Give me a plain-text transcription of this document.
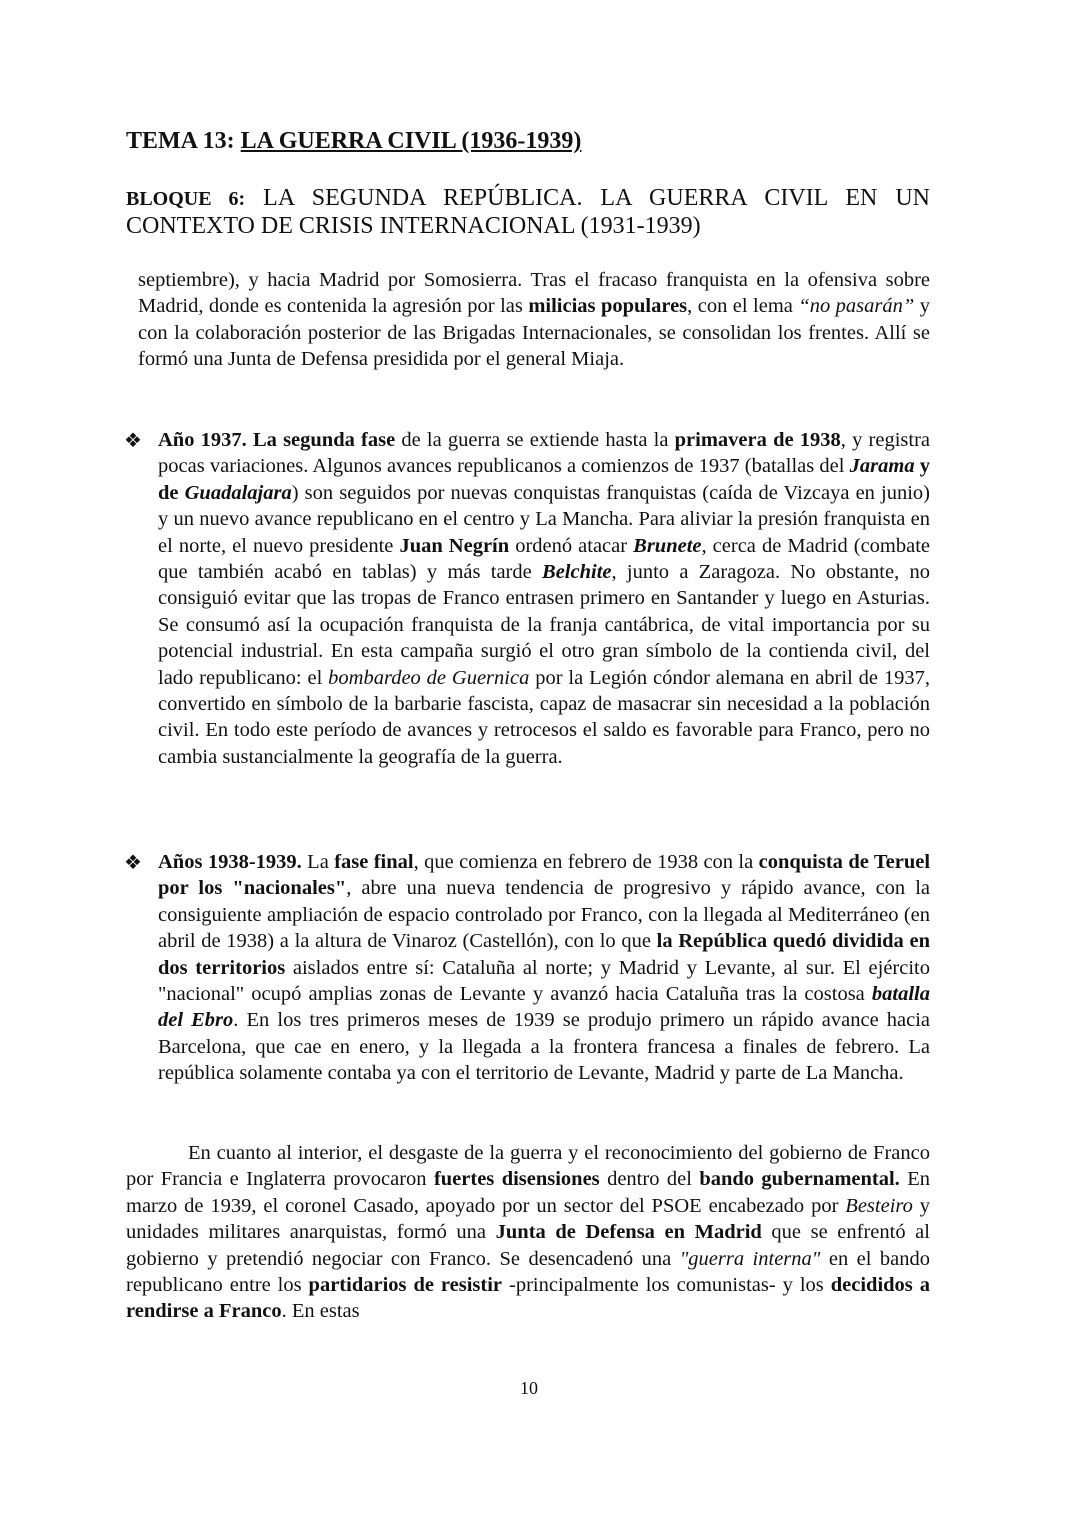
TEMA 13: LA GUERRA CIVIL (1936-1939)
BLOQUE 6: LA SEGUNDA REPÚBLICA. LA GUERRA CIVIL EN UN
CONTEXTO DE CRISIS INTERNACIONAL (1931-1939)
septiembre), y hacia Madrid por Somosierra. Tras el fracaso franquista en la ofensiva sobre Madrid, donde es contenida la agresión por las milicias populares, con el lema “no pasarán” y con la colaboración posterior de las Brigadas Internacionales, se consolidan los frentes. Allí se formó una Junta de Defensa presidida por el general Miaja.
❖ Año 1937. La segunda fase de la guerra se extiende hasta la primavera de 1938, y registra pocas variaciones. Algunos avances republicanos a comienzos de 1937 (batallas del Jarama y de Guadalajara) son seguidos por nuevas conquistas franquistas (caída de Vizcaya en junio) y un nuevo avance republicano en el centro y La Mancha. Para aliviar la presión franquista en el norte, el nuevo presidente Juan Negrín ordenó atacar Brunete, cerca de Madrid (combate que también acabó en tablas) y más tarde Belchite, junto a Zaragoza. No obstante, no consiguió evitar que las tropas de Franco entrasen primero en Santander y luego en Asturias. Se consumó así la ocupación franquista de la franja cantábrica, de vital importancia por su potencial industrial. En esta campaña surgió el otro gran símbolo de la contienda civil, del lado republicano: el bombardeo de Guernica por la Legión cóndor alemana en abril de 1937, convertido en símbolo de la barbarie fascista, capaz de masacrar sin necesidad a la población civil. En todo este período de avances y retrocesos el saldo es favorable para Franco, pero no cambia sustancialmente la geografía de la guerra.
❖ Años 1938-1939. La fase final, que comienza en febrero de 1938 con la conquista de Teruel por los "nacionales", abre una nueva tendencia de progresivo y rápido avance, con la consiguiente ampliación de espacio controlado por Franco, con la llegada al Mediterráneo (en abril de 1938) a la altura de Vinaroz (Castellón), con lo que la República quedó dividida en dos territorios aislados entre sí: Cataluña al norte; y Madrid y Levante, al sur. El ejército "nacional" ocupó amplias zonas de Levante y avanzó hacia Cataluña tras la costosa batalla del Ebro. En los tres primeros meses de 1939 se produjo primero un rápido avance hacia Barcelona, que cae en enero, y la llegada a la frontera francesa a finales de febrero. La república solamente contaba ya con el territorio de Levante, Madrid y parte de La Mancha.
En cuanto al interior, el desgaste de la guerra y el reconocimiento del gobierno de Franco por Francia e Inglaterra provocaron fuertes disensiones dentro del bando gubernamental. En marzo de 1939, el coronel Casado, apoyado por un sector del PSOE encabezado por Besteiro y unidades militares anarquistas, formó una Junta de Defensa en Madrid que se enfrentó al gobierno y pretendió negociar con Franco. Se desencadenó una "guerra interna" en el bando republicano entre los partidarios de resistir -principalmente los comunistas- y los decididos a rendirse a Franco. En estas
10
